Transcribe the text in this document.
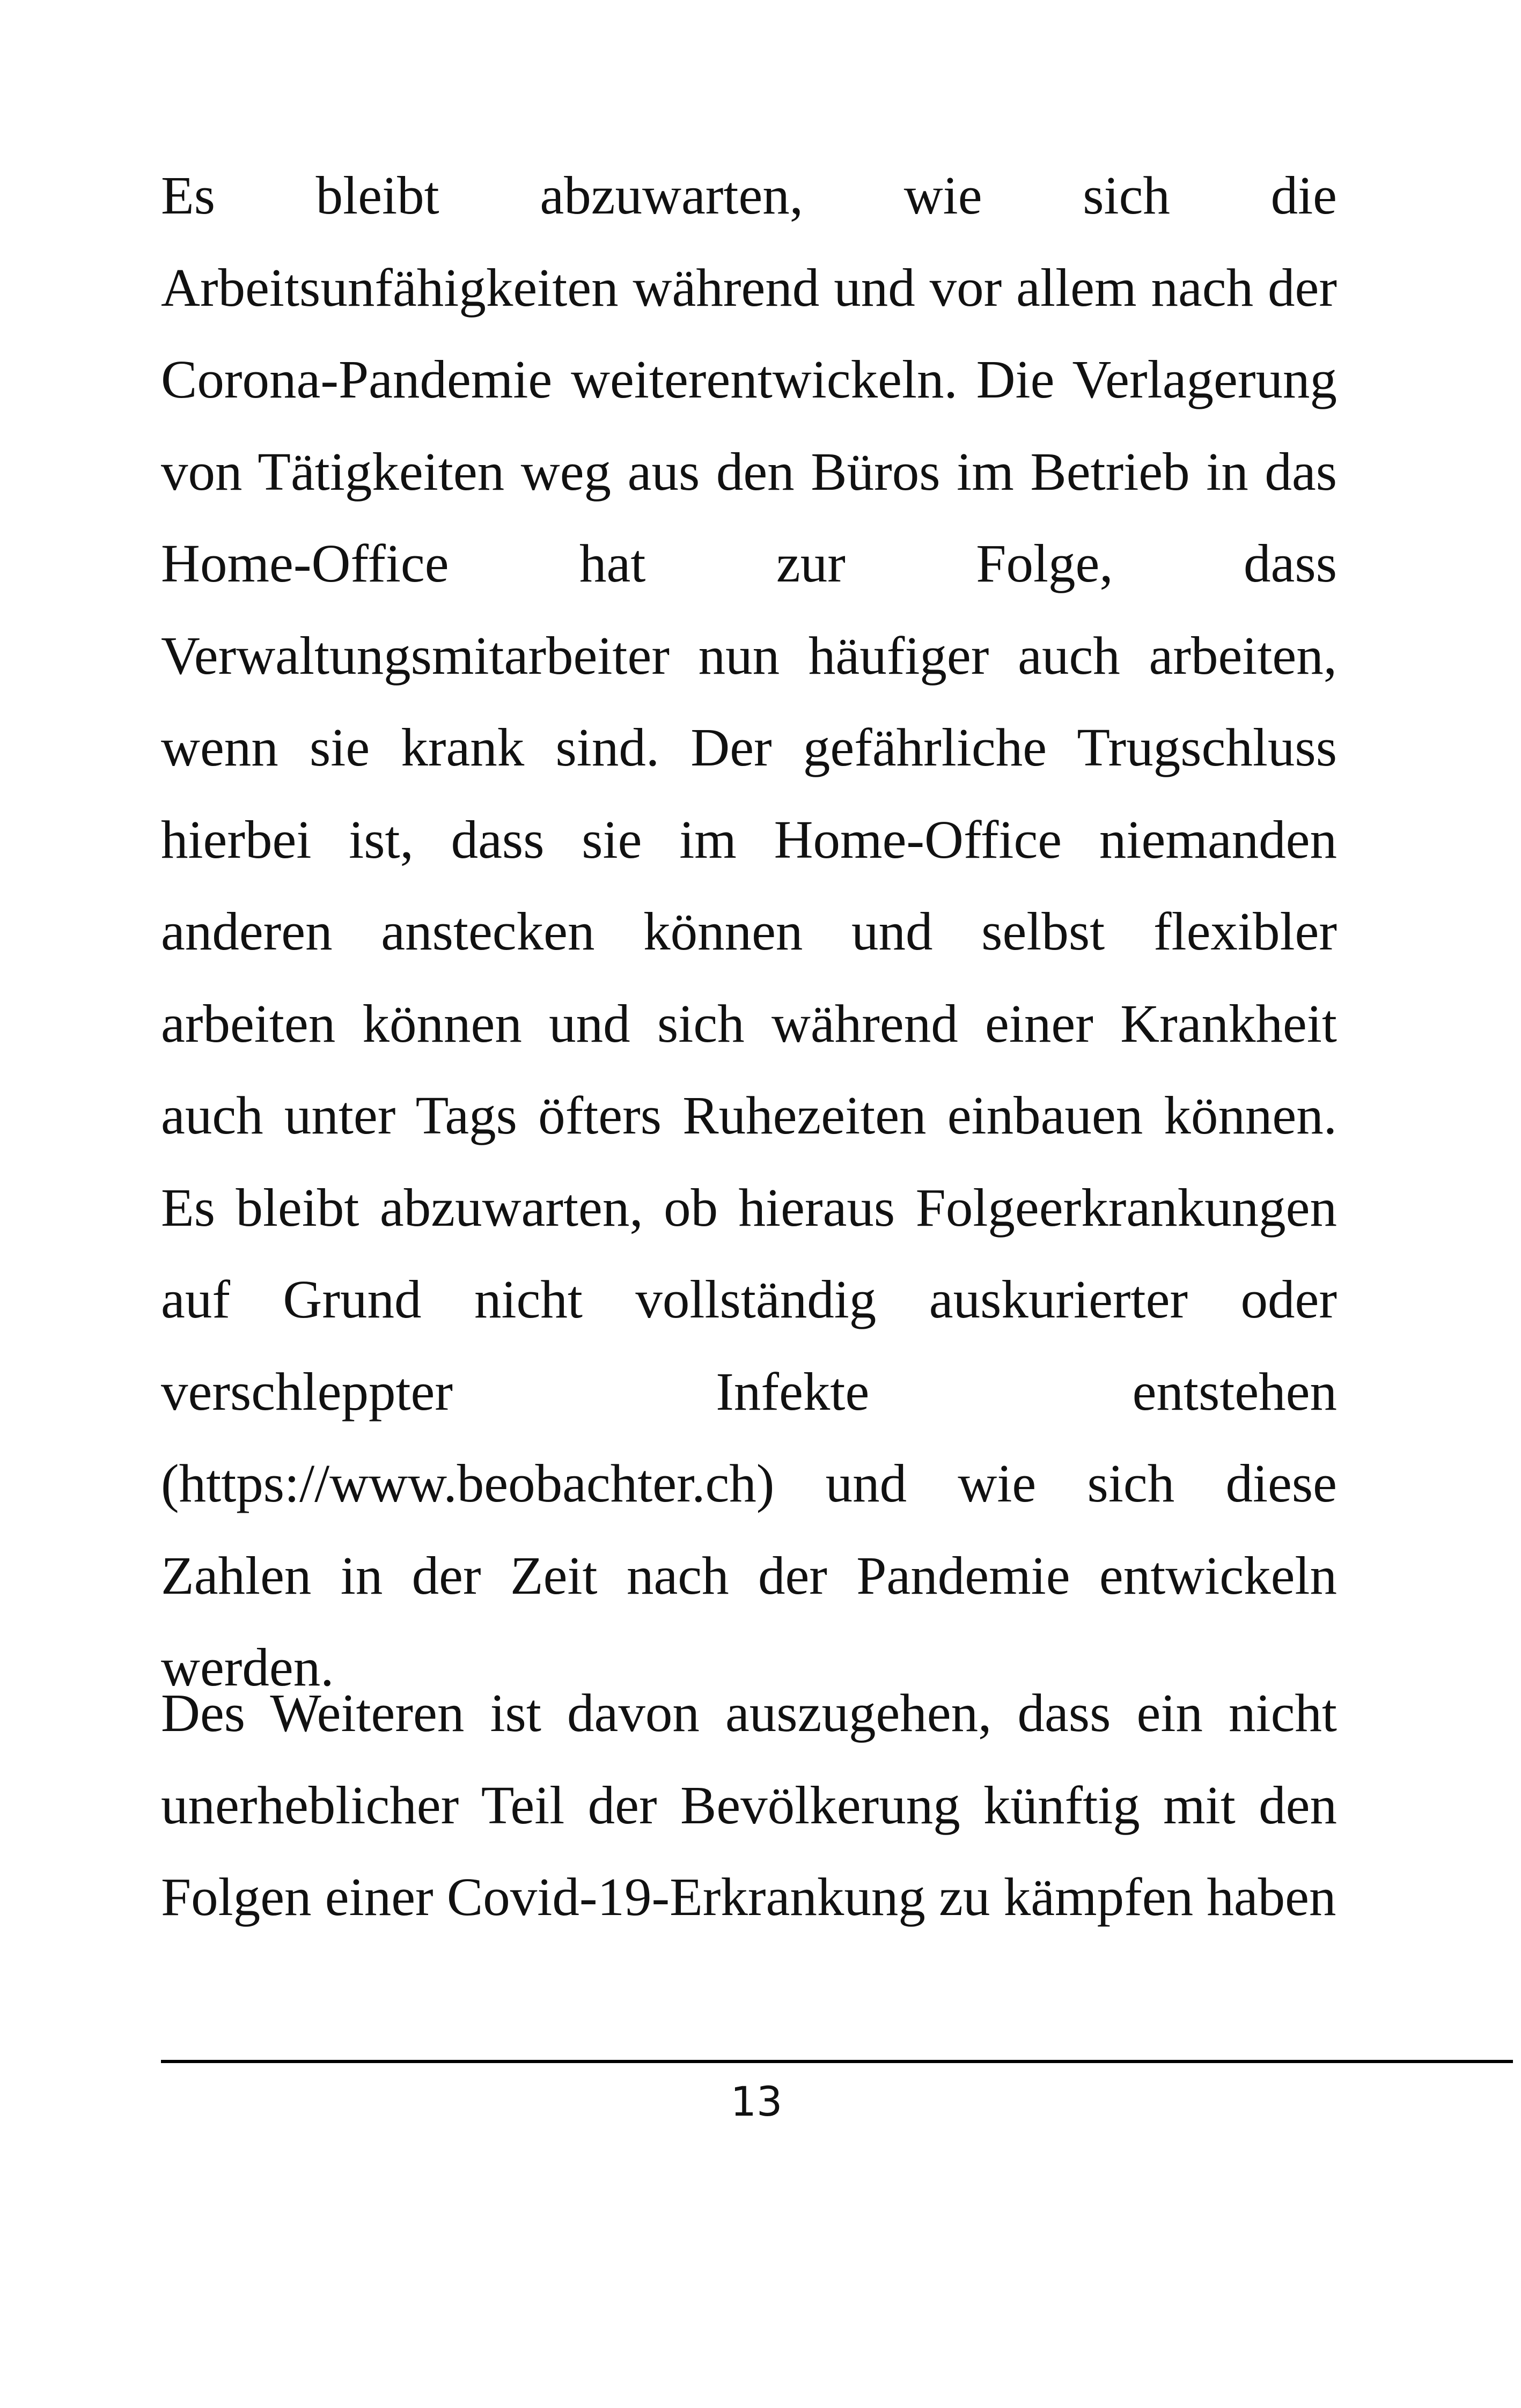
Es bleibt abzuwarten, wie sich die Arbeitsunfähigkeiten während und vor allem nach der Corona-Pandemie weiterentwickeln. Die Verlagerung von Tätigkeiten weg aus den Büros im Betrieb in das Home-Office hat zur Folge, dass Verwaltungsmitarbeiter nun häufiger auch arbeiten, wenn sie krank sind. Der gefährliche Trugschluss hierbei ist, dass sie im Home-Office niemanden anderen anstecken können und selbst flexibler arbeiten können und sich während einer Krankheit auch unter Tags öfters Ruhezeiten einbauen können. Es bleibt abzuwarten, ob hieraus Folgeerkrankungen auf Grund nicht vollständig auskurierter oder verschleppter Infekte entstehen (https://www.beobachter.ch) und wie sich diese Zahlen in der Zeit nach der Pandemie entwickeln werden.

Des Weiteren ist davon auszugehen, dass ein nicht unerheblicher Teil der Bevölkerung künftig mit den Folgen einer Covid-19-Erkrankung zu kämpfen haben

13
